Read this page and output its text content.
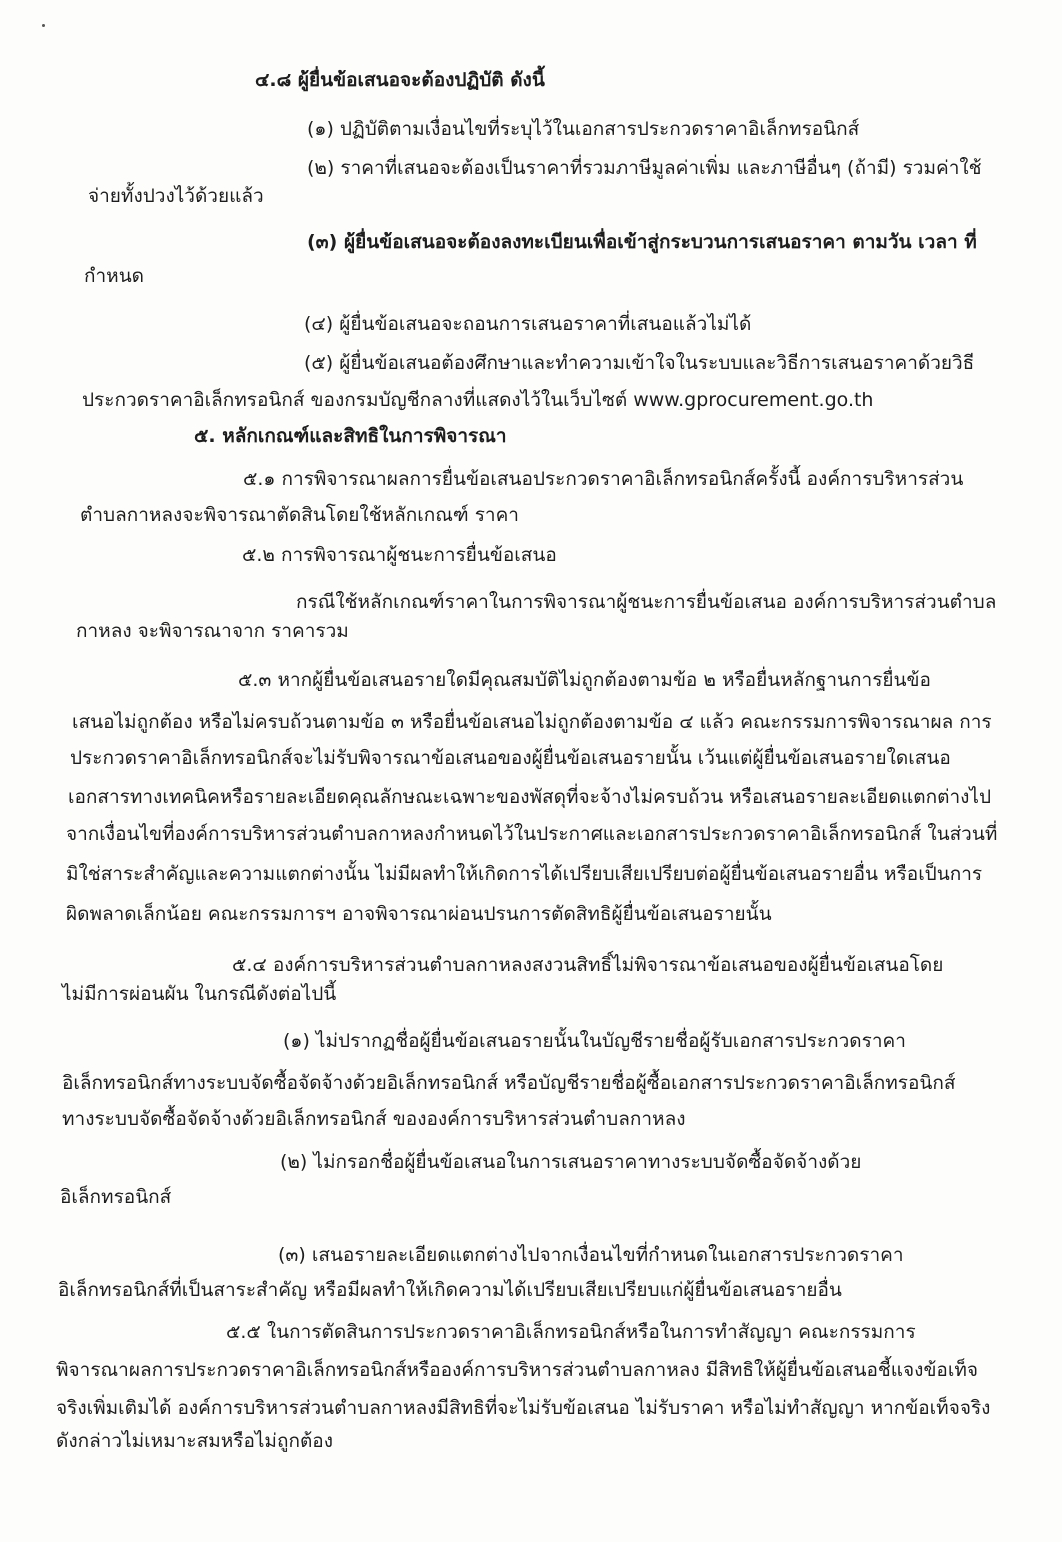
๔.๘ ผู้ยื่นข้อเสนอจะต้องปฏิบัติ ดังนี้
(๑) ปฏิบัติตามเงื่อนไขที่ระบุไว้ในเอกสารประกวดราคาอิเล็กทรอนิกส์
(๒) ราคาที่เสนอจะต้องเป็นราคาที่รวมภาษีมูลค่าเพิ่ม และภาษีอื่นๆ (ถ้ามี) รวมค่าใช้
จ่ายทั้งปวงไว้ด้วยแล้ว
(๓) ผู้ยื่นข้อเสนอจะต้องลงทะเบียนเพื่อเข้าสู่กระบวนการเสนอราคา ตามวัน เวลา ที่
กำหนด
(๔) ผู้ยื่นข้อเสนอจะถอนการเสนอราคาที่เสนอแล้วไม่ได้
(๕) ผู้ยื่นข้อเสนอต้องศึกษาและทำความเข้าใจในระบบและวิธีการเสนอราคาด้วยวิธี
ประกวดราคาอิเล็กทรอนิกส์ ของกรมบัญชีกลางที่แสดงไว้ในเว็บไซต์ www.gprocurement.go.th
๕. หลักเกณฑ์และสิทธิในการพิจารณา
๕.๑ การพิจารณาผลการยื่นข้อเสนอประกวดราคาอิเล็กทรอนิกส์ครั้งนี้ องค์การบริหารส่วน
ตำบลกาหลงจะพิจารณาตัดสินโดยใช้หลักเกณฑ์ ราคา
๕.๒ การพิจารณาผู้ชนะการยื่นข้อเสนอ
กรณีใช้หลักเกณฑ์ราคาในการพิจารณาผู้ชนะการยื่นข้อเสนอ องค์การบริหารส่วนตำบล
กาหลง จะพิจารณาจาก ราคารวม
๕.๓ หากผู้ยื่นข้อเสนอรายใดมีคุณสมบัติไม่ถูกต้องตามข้อ ๒ หรือยื่นหลักฐานการยื่นข้อ
เสนอไม่ถูกต้อง หรือไม่ครบถ้วนตามข้อ ๓ หรือยื่นข้อเสนอไม่ถูกต้องตามข้อ ๔ แล้ว คณะกรรมการพิจารณาผล การ
ประกวดราคาอิเล็กทรอนิกส์จะไม่รับพิจารณาข้อเสนอของผู้ยื่นข้อเสนอรายนั้น เว้นแต่ผู้ยื่นข้อเสนอรายใดเสนอ
เอกสารทางเทคนิคหรือรายละเอียดคุณลักษณะเฉพาะของพัสดุที่จะจ้างไม่ครบถ้วน หรือเสนอรายละเอียดแตกต่างไป
จากเงื่อนไขที่องค์การบริหารส่วนตำบลกาหลงกำหนดไว้ในประกาศและเอกสารประกวดราคาอิเล็กทรอนิกส์ ในส่วนที่
มิใช่สาระสำคัญและความแตกต่างนั้น ไม่มีผลทำให้เกิดการได้เปรียบเสียเปรียบต่อผู้ยื่นข้อเสนอรายอื่น หรือเป็นการ
ผิดพลาดเล็กน้อย คณะกรรมการฯ อาจพิจารณาผ่อนปรนการตัดสิทธิผู้ยื่นข้อเสนอรายนั้น
๕.๔ องค์การบริหารส่วนตำบลกาหลงสงวนสิทธิ์ไม่พิจารณาข้อเสนอของผู้ยื่นข้อเสนอโดย
ไม่มีการผ่อนผัน ในกรณีดังต่อไปนี้
(๑) ไม่ปรากฏชื่อผู้ยื่นข้อเสนอรายนั้นในบัญชีรายชื่อผู้รับเอกสารประกวดราคา
อิเล็กทรอนิกส์ทางระบบจัดซื้อจัดจ้างด้วยอิเล็กทรอนิกส์ หรือบัญชีรายชื่อผู้ซื้อเอกสารประกวดราคาอิเล็กทรอนิกส์
ทางระบบจัดซื้อจัดจ้างด้วยอิเล็กทรอนิกส์ ขององค์การบริหารส่วนตำบลกาหลง
(๒) ไม่กรอกชื่อผู้ยื่นข้อเสนอในการเสนอราคาทางระบบจัดซื้อจัดจ้างด้วย
อิเล็กทรอนิกส์
(๓) เสนอรายละเอียดแตกต่างไปจากเงื่อนไขที่กำหนดในเอกสารประกวดราคา
อิเล็กทรอนิกส์ที่เป็นสาระสำคัญ หรือมีผลทำให้เกิดความได้เปรียบเสียเปรียบแก่ผู้ยื่นข้อเสนอรายอื่น
๕.๕ ในการตัดสินการประกวดราคาอิเล็กทรอนิกส์หรือในการทำสัญญา คณะกรรมการ
พิจารณาผลการประกวดราคาอิเล็กทรอนิกส์หรือองค์การบริหารส่วนตำบลกาหลง มีสิทธิให้ผู้ยื่นข้อเสนอชี้แจงข้อเท็จ
จริงเพิ่มเติมได้ องค์การบริหารส่วนตำบลกาหลงมีสิทธิที่จะไม่รับข้อเสนอ ไม่รับราคา หรือไม่ทำสัญญา หากข้อเท็จจริง
ดังกล่าวไม่เหมาะสมหรือไม่ถูกต้อง
